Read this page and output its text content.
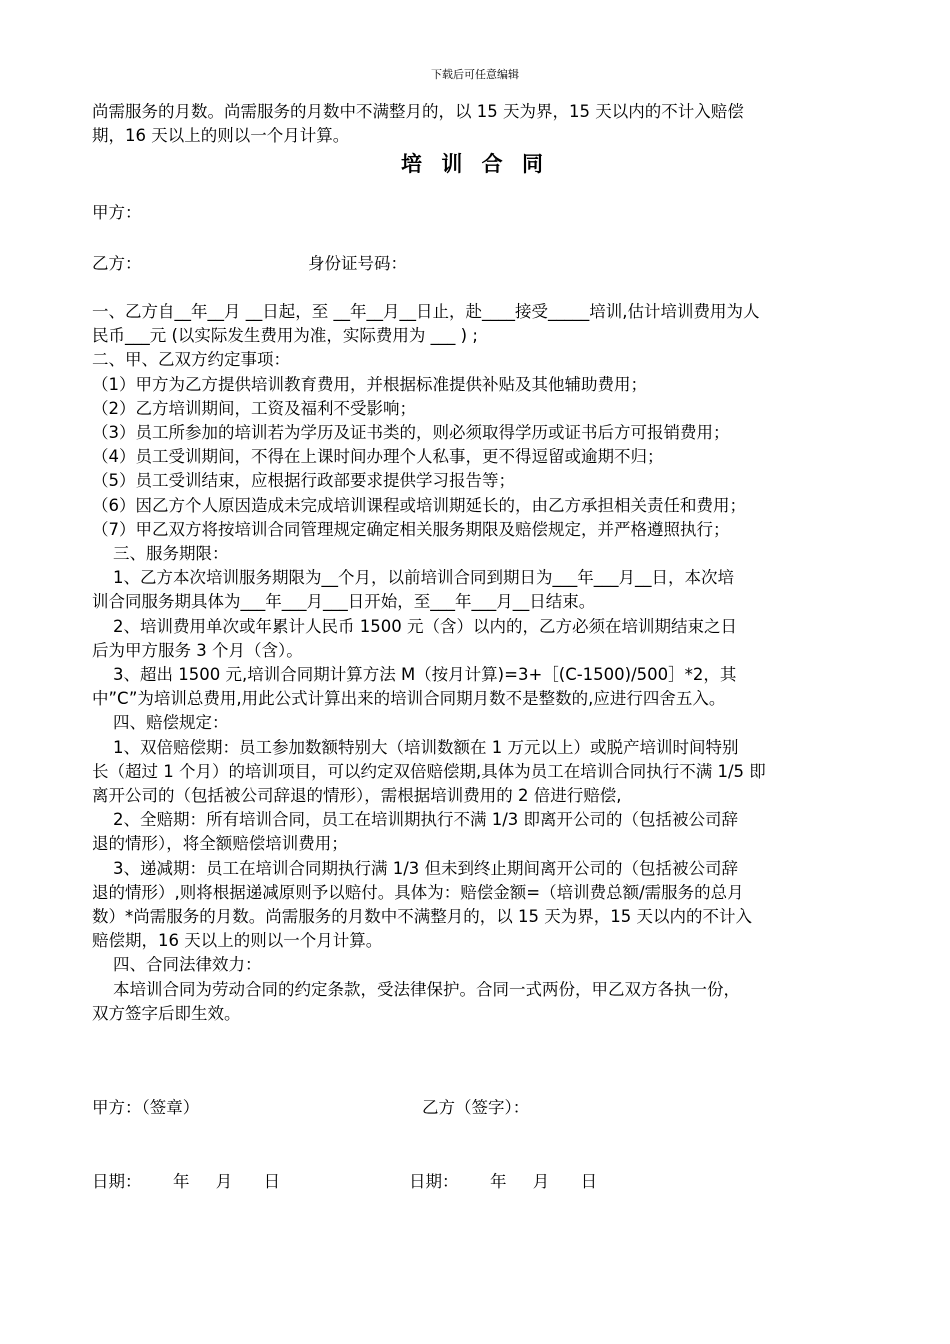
下载后可任意编辑
尚需服务的月数。尚需服务的月数中不满整月的，以 15 天为界，15 天以内的不计入赔偿
期，16 天以上的则以一个月计算。
培 训 合 同
甲方：
乙方：	身份证号码：
一、乙方自__年__月 __日起，至 __年__月__日止，赴____接受_____培训,估计培训费用为人
民币___元 (以实际发生费用为准，实际费用为 ___ ) ;
二、甲、乙双方约定事项：
（1）甲方为乙方提供培训教育费用，并根据标准提供补贴及其他辅助费用；
（2）乙方培训期间，工资及福利不受影响；
（3）员工所参加的培训若为学历及证书类的，则必须取得学历或证书后方可报销费用；
（4）员工受训期间，不得在上课时间办理个人私事，更不得逗留或逾期不归；
（5）员工受训结束，应根据行政部要求提供学习报告等；
（6）因乙方个人原因造成未完成培训课程或培训期延长的，由乙方承担相关责任和费用；
（7）甲乙双方将按培训合同管理规定确定相关服务期限及赔偿规定，并严格遵照执行；
三、服务期限：
1、乙方本次培训服务期限为__个月，以前培训合同到期日为___年___月__日，本次培
训合同服务期具体为___年___月___日开始，至___年___月__日结束。
2、培训费用单次或年累计人民币 1500 元（含）以内的，乙方必须在培训期结束之日
后为甲方服务 3 个月（含）。
3、超出 1500 元,培训合同期计算方法 M（按月计算)=3+［(C-1500)/500］*2，其
中”C”为培训总费用,用此公式计算出来的培训合同期月数不是整数的,应进行四舍五入。
四、赔偿规定：
1、双倍赔偿期：员工参加数额特别大（培训数额在 1 万元以上）或脱产培训时间特别
长（超过 1 个月）的培训项目，可以约定双倍赔偿期,具体为员工在培训合同执行不满 1/5 即
离开公司的（包括被公司辞退的情形），需根据培训费用的 2 倍进行赔偿,
2、全赔期：所有培训合同，员工在培训期执行不满 1/3 即离开公司的（包括被公司辞
退的情形），将全额赔偿培训费用；
3、递减期：员工在培训合同期执行满 1/3 但未到终止期间离开公司的（包括被公司辞
退的情形）,则将根据递减原则予以赔付。具体为：赔偿金额=（培训费总额/需服务的总月
数）*尚需服务的月数。尚需服务的月数中不满整月的，以 15 天为界，15 天以内的不计入
赔偿期，16 天以上的则以一个月计算。
四、合同法律效力：
本培训合同为劳动合同的约定条款，受法律保护。合同一式两份，甲乙双方各执一份，
双方签字后即生效。
甲方：（签章）	乙方（签字）：
日期：      年     月      日	日期：      年     月      日
